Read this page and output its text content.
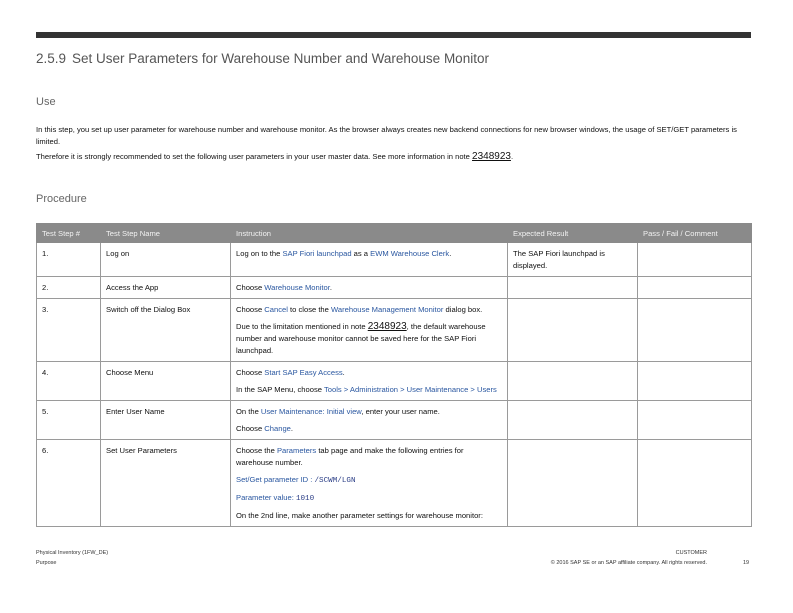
2.5.9 Set User Parameters for Warehouse Number and Warehouse Monitor
Use
In this step, you set up user parameter for warehouse number and warehouse monitor. As the browser always creates new backend connections for new browser windows, the usage of SET/GET parameters is limited.
Therefore it is strongly recommended to set the following user parameters in your user master data. See more information in note 2348923.
Procedure
Test Step #	Test Step Name	Instruction	Expected Result	Pass / Fail / Comment
1.	Log on	Log on to the SAP Fiori launchpad as a EWM Warehouse Clerk.	The SAP Fiori launchpad is displayed.	
2.	Access the App	Choose Warehouse Monitor.		

3.	Switch off the Dialog Box	Choose Cancel to close the Warehouse Management Monitor dialog box.

Due to the limitation mentioned in note 2348923, the default warehouse number and warehouse monitor cannot be saved here for the SAP Fiori launchpad.		

4.	Choose Menu	Choose Start SAP Easy Access.

In the SAP Menu, choose Tools > Administration > User Maintenance > Users		

5.	Enter User Name	On the User Maintenance: Initial view, enter your user name.

Choose Change.		

6.	Set User Parameters	Choose the Parameters tab page and make the following entries for warehouse number.

Set/Get parameter ID : /SCWM/LGN

Parameter value: 1010

On the 2nd line, make another parameter settings for warehouse monitor:		

Physical Inventory (1FW_DE)
Purpose
CUSTOMER
© 2016 SAP SE or an SAP affiliate company. All rights reserved.	19
